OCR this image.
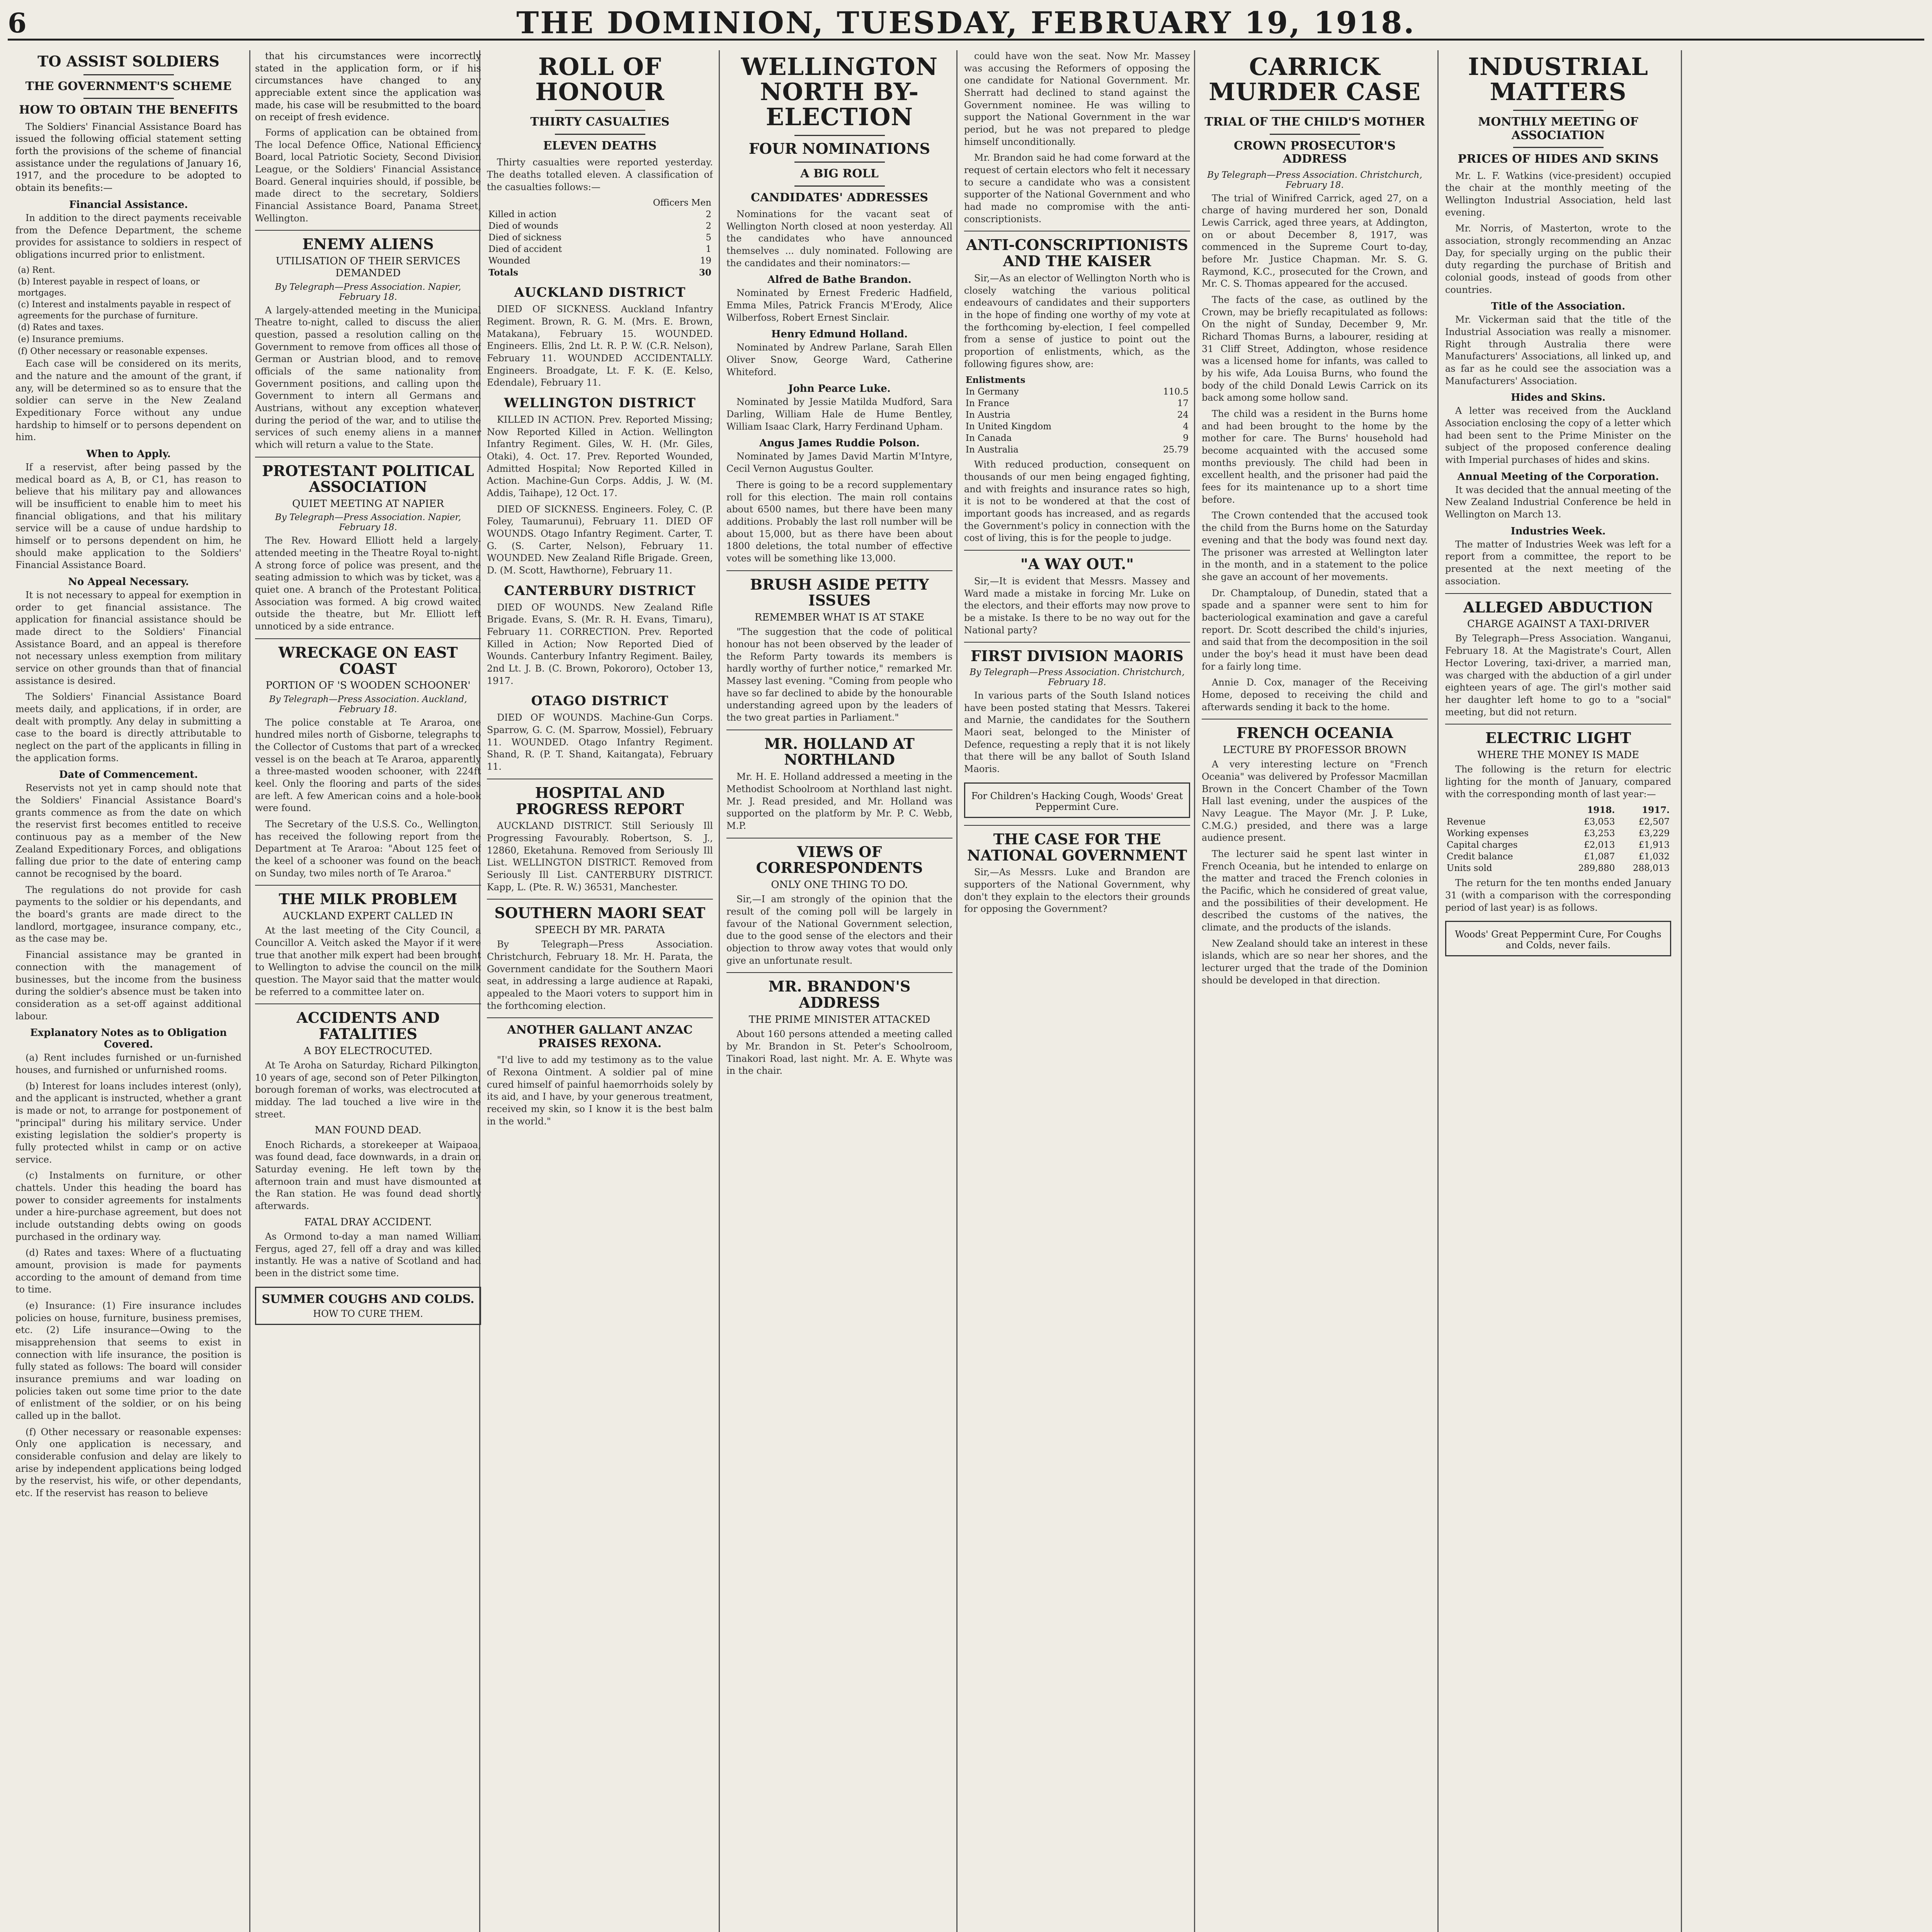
6	THE DOMINION, TUESDAY, FEBRUARY 19, 1918.
TO ASSIST SOLDIERS
THE GOVERNMENT'S SCHEME
HOW TO OBTAIN THE BENEFITS
The Soldiers' Financial Assistance Board has issued the following official statement setting forth the provisions of the scheme of financial assistance under the regulations of January 16, 1917, and the procedure to be adopted to obtain its benefits:—
Financial Assistance.
In addition to the direct payments receivable from the Defence Department, the scheme provides for assistance to soldiers in respect of obligations incurred prior to enlistment.
(a) Rent.
(b) Interest payable in respect of loans, or mortgages.
(c) Interest and instalments payable in respect of agreements for the purchase of furniture.
(d) Rates and taxes.
(e) Insurance premiums.
(f) Other necessary or reasonable expenses.
Each case will be considered on its merits, and the nature and the amount of the grant, if any, will be determined so as to ensure that the soldier can serve in the New Zealand Expeditionary Force without any undue hardship to himself or to persons dependent on him.
When to Apply.
If a reservist, after being passed by the medical board as A, B, or C1, has reason to believe that his military pay and allowances will be insufficient to enable him to meet his financial obligations, and that his military service will be a cause of undue hardship to himself or to persons dependent on him, he should make application to the Soldiers' Financial Assistance Board.
No Appeal Necessary.
It is not necessary to appeal for exemption in order to get financial assistance. The application for financial assistance should be made direct to the Soldiers' Financial Assistance Board, and an appeal is therefore not necessary unless exemption from military service on other grounds than that of financial assistance is desired.
The Soldiers' Financial Assistance Board meets daily, and applications, if in order, are dealt with promptly. Any delay in submitting a case to the board is directly attributable to neglect on the part of the applicants in filling in the application forms.
Date of Commencement.
Reservists not yet in camp should note that the Soldiers' Financial Assistance Board's grants commence as from the date on which the reservist first becomes entitled to receive continuous pay as a member of the New Zealand Expeditionary Forces, and obligations falling due prior to the date of entering camp cannot be recognised by the board.
The regulations do not provide for cash payments to the soldier or his dependants, and the board's grants are made direct to the landlord, mortgagee, insurance company, etc., as the case may be.
Financial assistance may be granted in connection with the management of businesses, but the income from the business during the soldier's absence must be taken into consideration as a set-off against additional labour.
Explanatory Notes as to Obligation Covered.
(a) Rent includes furnished or un-furnished houses, and furnished or unfurnished rooms.
(b) Interest for loans includes interest (only), and the applicant is instructed, whether a grant is made or not, to arrange for postponement of "principal" during his military service. Under existing legislation the soldier's property is fully protected whilst in camp or on active service.
(c) Instalments on furniture, or other chattels. Under this heading the board has power to consider agreements for instalments under a hire-purchase agreement, but does not include outstanding debts owing on goods purchased in the ordinary way.
(d) Rates and taxes: Where of a fluctuating amount, provision is made for payments according to the amount of demand from time to time.
(e) Insurance: (1) Fire insurance includes policies on house, furniture, business premises, etc. (2) Life insurance—Owing to the misapprehension that seems to exist in connection with life insurance, the position is fully stated as follows: The board will consider insurance premiums and war loading on policies taken out some time prior to the date of enlistment of the soldier, or on his being called up in the ballot.
(f) Other necessary or reasonable expenses: Only one application is necessary, and considerable confusion and delay are likely to arise by independent applications being lodged by the reservist, his wife, or other dependants, etc. If the reservist has reason to believe
that his circumstances were incorrectly stated in the application form, or if his circumstances have changed to any appreciable extent since the application was made, his case will be resubmitted to the board on receipt of fresh evidence.
Forms of application can be obtained from: The local Defence Office, National Efficiency Board, local Patriotic Society, Second Division League, or the Soldiers' Financial Assistance Board. General inquiries should, if possible, be made direct to the secretary, Soldiers' Financial Assistance Board, Panama Street, Wellington.
ENEMY ALIENS
UTILISATION OF THEIR SERVICES DEMANDED
By Telegraph—Press Association. Napier, February 18.
A largely-attended meeting in the Municipal Theatre to-night, called to discuss the alien question, passed a resolution calling on the Government to remove from offices all those of German or Austrian blood, and to remove officials of the same nationality from Government positions, and calling upon the Government to intern all Germans and Austrians, without any exception whatever, during the period of the war, and to utilise the services of such enemy aliens in a manner which will return a value to the State.
PROTESTANT POLITICAL ASSOCIATION
QUIET MEETING AT NAPIER
By Telegraph—Press Association. Napier, February 18.
The Rev. Howard Elliott held a largely-attended meeting in the Theatre Royal to-night. A strong force of police was present, and the seating admission to which was by ticket, was a quiet one. A branch of the Protestant Political Association was formed. A big crowd waited outside the theatre, but Mr. Elliott left unnoticed by a side entrance.
WRECKAGE ON EAST COAST
PORTION OF 'S WOODEN SCHOONER'
By Telegraph—Press Association. Auckland, February 18.
The police constable at Te Araroa, one hundred miles north of Gisborne, telegraphs to the Collector of Customs that part of a wrecked vessel is on the beach at Te Araroa, apparently a three-masted wooden schooner, with 224ft keel. Only the flooring and parts of the sides are left. A few American coins and a hole-book were found.
The Secretary of the U.S.S. Co., Wellington, has received the following report from the Department at Te Araroa: "About 125 feet of the keel of a schooner was found on the beach on Sunday, two miles north of Te Araroa."
THE MILK PROBLEM
AUCKLAND EXPERT CALLED IN
At the last meeting of the City Council, a Councillor A. Veitch asked the Mayor if it were true that another milk expert had been brought to Wellington to advise the council on the milk question. The Mayor said that the matter would be referred to a committee later on.
ACCIDENTS AND FATALITIES
A BOY ELECTROCUTED.
At Te Aroha on Saturday, Richard Pilkington, 10 years of age, second son of Peter Pilkington, borough foreman of works, was electrocuted at midday. The lad touched a live wire in the street.
MAN FOUND DEAD.
Enoch Richards, a storekeeper at Waipaoa, was found dead, face downwards, in a drain on Saturday evening. He left town by the afternoon train and must have dismounted at the Ran station. He was found dead shortly afterwards.
FATAL DRAY ACCIDENT.
As Ormond to-day a man named William Fergus, aged 27, fell off a dray and was killed instantly. He was a native of Scotland and had been in the district some time.
SUMMER COUGHS AND COLDS.
HOW TO CURE THEM.
ROLL OF HONOUR
THIRTY CASUALTIES
ELEVEN DEATHS
Thirty casualties were reported yesterday. The deaths totalled eleven. A classification of the casualties follows:—
	Officers Men
Killed in action	2
Died of wounds	2
Died of sickness	5
Died of accident	1
Wounded	19
Totals	30
AUCKLAND DISTRICT
DIED OF SICKNESS. Auckland Infantry Regiment. Brown, R. G. M. (Mrs. E. Brown, Matakana), February 15. WOUNDED. Engineers. Ellis, 2nd Lt. R. P. W. (C.R. Nelson), February 11. WOUNDED ACCIDENTALLY. Engineers. Broadgate, Lt. F. K. (E. Kelso, Edendale), February 11.
WELLINGTON DISTRICT
KILLED IN ACTION. Prev. Reported Missing; Now Reported Killed in Action. Wellington Infantry Regiment. Giles, W. H. (Mr. Giles, Otaki), 4. Oct. 17. Prev. Reported Wounded, Admitted Hospital; Now Reported Killed in Action. Machine-Gun Corps. Addis, J. W. (M. Addis, Taihape), 12 Oct. 17.
DIED OF SICKNESS. Engineers. Foley, C. (P. Foley, Taumarunui), February 11. DIED OF WOUNDS. Otago Infantry Regiment. Carter, T. G. (S. Carter, Nelson), February 11. WOUNDED. New Zealand Rifle Brigade. Green, D. (M. Scott, Hawthorne), February 11.
CANTERBURY DISTRICT
DIED OF WOUNDS. New Zealand Rifle Brigade. Evans, S. (Mr. R. H. Evans, Timaru), February 11. CORRECTION. Prev. Reported Killed in Action; Now Reported Died of Wounds. Canterbury Infantry Regiment. Bailey, 2nd Lt. J. B. (C. Brown, Pokororo), October 13, 1917.
OTAGO DISTRICT
DIED OF WOUNDS. Machine-Gun Corps. Sparrow, G. C. (M. Sparrow, Mossiel), February 11. WOUNDED. Otago Infantry Regiment. Shand, R. (P. T. Shand, Kaitangata), February 11.
HOSPITAL AND PROGRESS REPORT
AUCKLAND DISTRICT. Still Seriously Ill Progressing Favourably. Robertson, S. J., 12860, Eketahuna. Removed from Seriously Ill List. WELLINGTON DISTRICT. Removed from Seriously Ill List. CANTERBURY DISTRICT. Kapp, L. (Pte. R. W.) 36531, Manchester.
SOUTHERN MAORI SEAT
SPEECH BY MR. PARATA
By Telegraph—Press Association. Christchurch, February 18. Mr. H. Parata, the Government candidate for the Southern Maori seat, in addressing a large audience at Rapaki, appealed to the Maori voters to support him in the forthcoming election.
ANOTHER GALLANT ANZAC PRAISES REXONA.
"I'd live to add my testimony as to the value of Rexona Ointment. A soldier pal of mine cured himself of painful haemorrhoids solely by its aid, and I have, by your generous treatment, received my skin, so I know it is the best balm in the world."
WELLINGTON NORTH BY-ELECTION
FOUR NOMINATIONS
A BIG ROLL
CANDIDATES' ADDRESSES
Nominations for the vacant seat of Wellington North closed at noon yesterday. All the candidates who have announced themselves ... duly nominated. Following are the candidates and their nominators:—
Alfred de Bathe Brandon.
Nominated by Ernest Frederic Hadfield, Emma Miles, Patrick Francis M'Erody, Alice Wilberfoss, Robert Ernest Sinclair.
Henry Edmund Holland.
Nominated by Andrew Parlane, Sarah Ellen Oliver Snow, George Ward, Catherine Whiteford.
John Pearce Luke.
Nominated by Jessie Matilda Mudford, Sara Darling, William Hale de Hume Bentley, William Isaac Clark, Harry Ferdinand Upham.
Angus James Ruddie Polson.
Nominated by James David Martin M'Intyre, Cecil Vernon Augustus Goulter.
There is going to be a record supplementary roll for this election. The main roll contains about 6500 names, but there have been many additions. Probably the last roll number will be about 15,000, but as there have been about 1800 deletions, the total number of effective votes will be something like 13,000.
BRUSH ASIDE PETTY ISSUES
REMEMBER WHAT IS AT STAKE
"The suggestion that the code of political honour has not been observed by the leader of the Reform Party towards its members is hardly worthy of further notice," remarked Mr. Massey last evening. "Coming from people who have so far declined to abide by the honourable understanding agreed upon by the leaders of the two great parties in Parliament."
MR. HOLLAND AT NORTHLAND
Mr. H. E. Holland addressed a meeting in the Methodist Schoolroom at Northland last night. Mr. J. Read presided, and Mr. Holland was supported on the platform by Mr. P. C. Webb, M.P.
VIEWS OF CORRESPONDENTS
ONLY ONE THING TO DO.
Sir,—I am strongly of the opinion that the result of the coming poll will be largely in favour of the National Government selection, due to the good sense of the electors and their objection to throw away votes that would only give an unfortunate result.
MR. BRANDON'S ADDRESS
THE PRIME MINISTER ATTACKED
About 160 persons attended a meeting called by Mr. Brandon in St. Peter's Schoolroom, Tinakori Road, last night. Mr. A. E. Whyte was in the chair.
could have won the seat. Now Mr. Massey was accusing the Reformers of opposing the one candidate for National Government. Mr. Sherratt had declined to stand against the Government nominee. He was willing to support the National Government in the war period, but he was not prepared to pledge himself unconditionally.
Mr. Brandon said he had come forward at the request of certain electors who felt it necessary to secure a candidate who was a consistent supporter of the National Government and who had made no compromise with the anti-conscriptionists.
ANTI-CONSCRIPTIONISTS AND THE KAISER
Sir,—As an elector of Wellington North who is closely watching the various political endeavours of candidates and their supporters in the hope of finding one worthy of my vote at the forthcoming by-election, I feel compelled from a sense of justice to point out the proportion of enlistments, which, as the following figures show, are:
Enlistments	
In Germany	110.5
In France	17
In Austria	24
In United Kingdom	4
In Canada	9
In Australia	25.79
With reduced production, consequent on thousands of our men being engaged fighting, and with freights and insurance rates so high, it is not to be wondered at that the cost of important goods has increased, and as regards the Government's policy in connection with the cost of living, this is for the people to judge.
"A WAY OUT."
Sir,—It is evident that Messrs. Massey and Ward made a mistake in forcing Mr. Luke on the electors, and their efforts may now prove to be a mistake. Is there to be no way out for the National party?
FIRST DIVISION MAORIS
By Telegraph—Press Association. Christchurch, February 18.
In various parts of the South Island notices have been posted stating that Messrs. Takerei and Marnie, the candidates for the Southern Maori seat, belonged to the Minister of Defence, requesting a reply that it is not likely that there will be any ballot of South Island Maoris.
For Children's Hacking Cough, Woods' Great Peppermint Cure.
THE CASE FOR THE NATIONAL GOVERNMENT
Sir,—As Messrs. Luke and Brandon are supporters of the National Government, why don't they explain to the electors their grounds for opposing the Government?
CARRICK MURDER CASE
TRIAL OF THE CHILD'S MOTHER
CROWN PROSECUTOR'S ADDRESS
By Telegraph—Press Association. Christchurch, February 18.
The trial of Winifred Carrick, aged 27, on a charge of having murdered her son, Donald Lewis Carrick, aged three years, at Addington, on or about December 8, 1917, was commenced in the Supreme Court to-day, before Mr. Justice Chapman. Mr. S. G. Raymond, K.C., prosecuted for the Crown, and Mr. C. S. Thomas appeared for the accused.
The facts of the case, as outlined by the Crown, may be briefly recapitulated as follows: On the night of Sunday, December 9, Mr. Richard Thomas Burns, a labourer, residing at 31 Cliff Street, Addington, whose residence was a licensed home for infants, was called to by his wife, Ada Louisa Burns, who found the body of the child Donald Lewis Carrick on its back among some hollow sand.
The child was a resident in the Burns home and had been brought to the home by the mother for care. The Burns' household had become acquainted with the accused some months previously. The child had been in excellent health, and the prisoner had paid the fees for its maintenance up to a short time before.
The Crown contended that the accused took the child from the Burns home on the Saturday evening and that the body was found next day. The prisoner was arrested at Wellington later in the month, and in a statement to the police she gave an account of her movements.
Dr. Champtaloup, of Dunedin, stated that a spade and a spanner were sent to him for bacteriological examination and gave a careful report. Dr. Scott described the child's injuries, and said that from the decomposition in the soil under the boy's head it must have been dead for a fairly long time.
Annie D. Cox, manager of the Receiving Home, deposed to receiving the child and afterwards sending it back to the home.
FRENCH OCEANIA
LECTURE BY PROFESSOR BROWN
A very interesting lecture on "French Oceania" was delivered by Professor Macmillan Brown in the Concert Chamber of the Town Hall last evening, under the auspices of the Navy League. The Mayor (Mr. J. P. Luke, C.M.G.) presided, and there was a large audience present.
The lecturer said he spent last winter in French Oceania, but he intended to enlarge on the matter and traced the French colonies in the Pacific, which he considered of great value, and the possibilities of their development. He described the customs of the natives, the climate, and the products of the islands.
New Zealand should take an interest in these islands, which are so near her shores, and the lecturer urged that the trade of the Dominion should be developed in that direction.
INDUSTRIAL MATTERS
MONTHLY MEETING OF ASSOCIATION
PRICES OF HIDES AND SKINS
Mr. L. F. Watkins (vice-president) occupied the chair at the monthly meeting of the Wellington Industrial Association, held last evening.
Mr. Norris, of Masterton, wrote to the association, strongly recommending an Anzac Day, for specially urging on the public their duty regarding the purchase of British and colonial goods, instead of goods from other countries.
Title of the Association.
Mr. Vickerman said that the title of the Industrial Association was really a misnomer. Right through Australia there were Manufacturers' Associations, all linked up, and as far as he could see the association was a Manufacturers' Association.
Hides and Skins.
A letter was received from the Auckland Association enclosing the copy of a letter which had been sent to the Prime Minister on the subject of the proposed conference dealing with Imperial purchases of hides and skins.
Annual Meeting of the Corporation.
It was decided that the annual meeting of the New Zealand Industrial Conference be held in Wellington on March 13.
Industries Week.
The matter of Industries Week was left for a report from a committee, the report to be presented at the next meeting of the association.
ALLEGED ABDUCTION
CHARGE AGAINST A TAXI-DRIVER
By Telegraph—Press Association. Wanganui, February 18. At the Magistrate's Court, Allen Hector Lovering, taxi-driver, a married man, was charged with the abduction of a girl under eighteen years of age. The girl's mother said her daughter left home to go to a "social" meeting, but did not return.
ELECTRIC LIGHT
WHERE THE MONEY IS MADE
The following is the return for electric lighting for the month of January, compared with the corresponding month of last year:—
	1918.	1917.
Revenue	£3,053	£2,507
Working expenses	£3,253	£3,229
Capital charges	£2,013	£1,913
Credit balance	£1,087	£1,032
Units sold	289,880	288,013
The return for the ten months ended January 31 (with a comparison with the corresponding period of last year) is as follows.
Woods' Great Peppermint Cure, For Coughs and Colds, never fails.
